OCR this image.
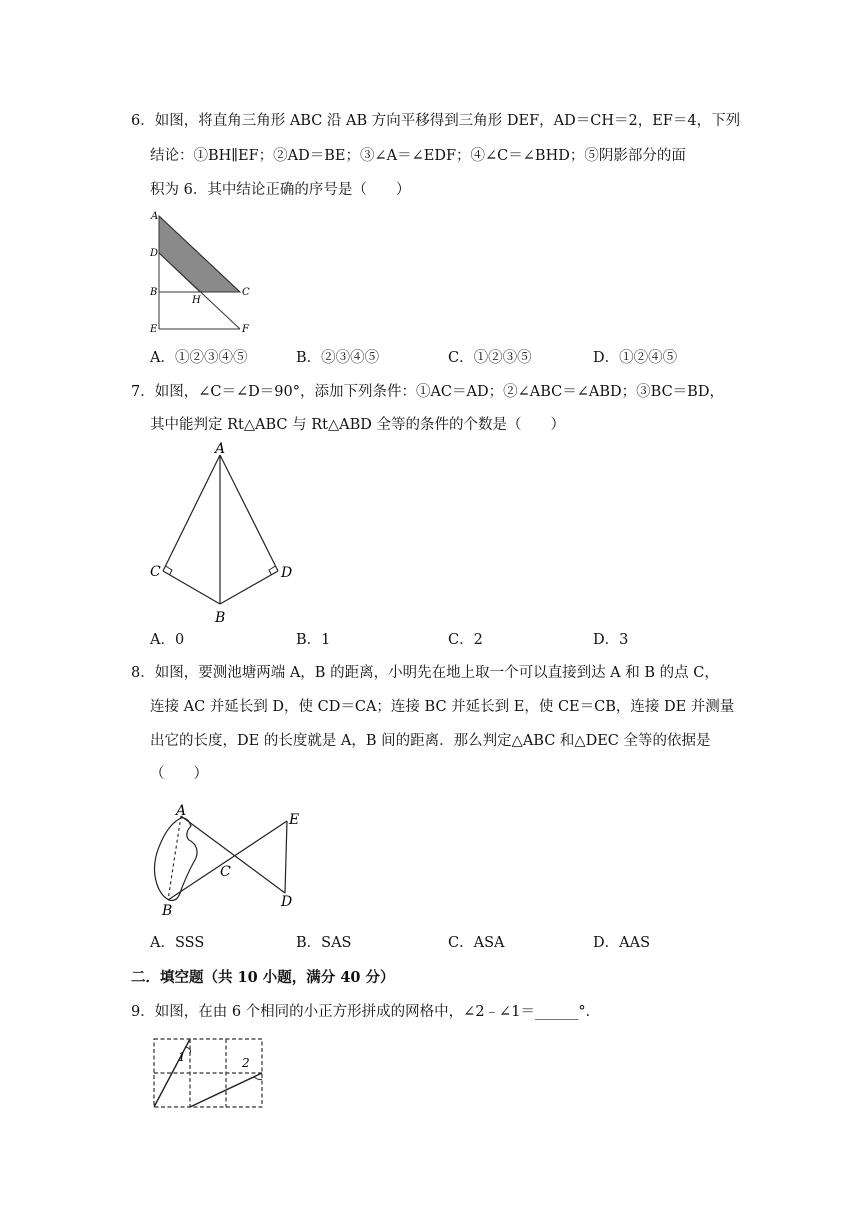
6．如图，将直角三角形 ABC 沿 AB 方向平移得到三角形 DEF，AD＝CH＝2，EF＝4，下列
结论：①BH∥EF；②AD＝BE；③∠A＝∠EDF；④∠C＝∠BHD；⑤阴影部分的面
积为 6．其中结论正确的序号是（　　）
A
D
B
H
C
E	F
A．①②③④⑤	B．②③④⑤	C．①②③⑤	D．①②④⑤
7．如图，∠C＝∠D＝90°，添加下列条件：①AC＝AD；②∠ABC＝∠ABD；③BC＝BD，
其中能判定 Rt△ABC 与 Rt△ABD 全等的条件的个数是（　　）
A
C	D
B
A．0	B．1	C．2	D．3
8．如图，要测池塘两端 A，B 的距离，小明先在地上取一个可以直接到达 A 和 B 的点 C，
连接 AC 并延长到 D，使 CD＝CA；连接 BC 并延长到 E，使 CE＝CB，连接 DE 并测量
出它的长度，DE 的长度就是 A，B 间的距离．那么判定△ABC 和△DEC 全等的依据是
（　　）
A
B
C
E
D
A．SSS	B．SAS	C．ASA	D．AAS
二．填空题（共 10 小题，满分 40 分）
9．如图，在由 6 个相同的小正方形拼成的网格中，∠2﹣∠1＝______°．
1	2
